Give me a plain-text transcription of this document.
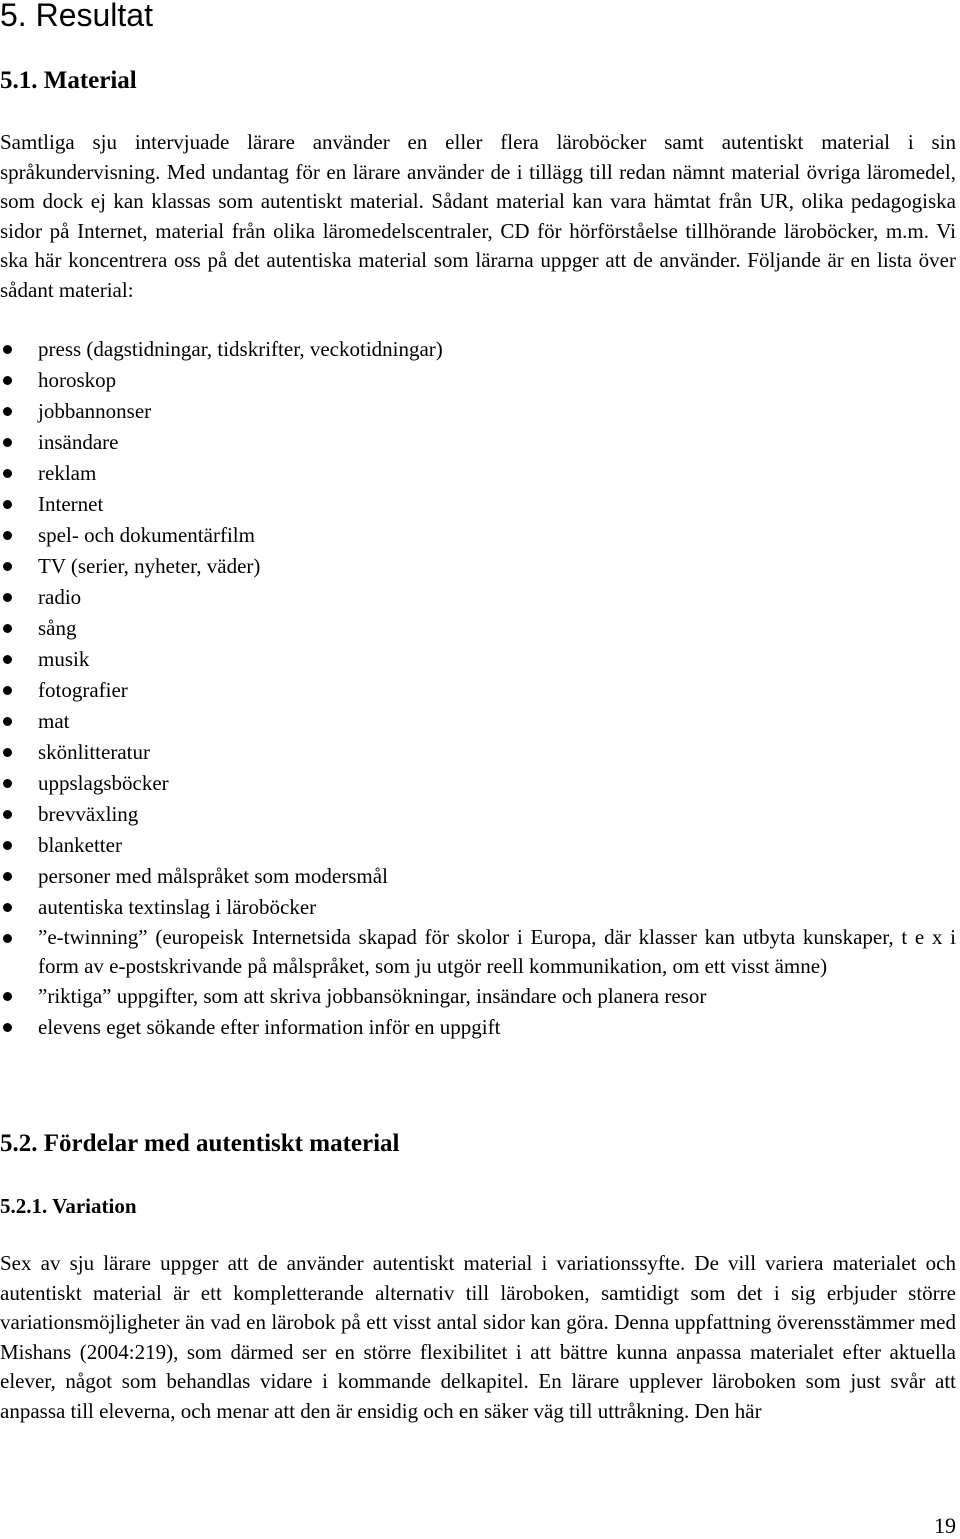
5. Resultat
5.1. Material
Samtliga sju intervjuade lärare använder en eller flera läroböcker samt autentiskt material i sin språkundervisning. Med undantag för en lärare använder de i tillägg till redan nämnt material övriga läromedel, som dock ej kan klassas som autentiskt material. Sådant material kan vara hämtat från UR, olika pedagogiska sidor på Internet, material från olika läromedelscentraler, CD för hörförståelse tillhörande läroböcker, m.m. Vi ska här koncentrera oss på det autentiska material som lärarna uppger att de använder. Följande är en lista över sådant material:
press (dagstidningar, tidskrifter, veckotidningar)
horoskop
jobbannonser
insändare
reklam
Internet
spel- och dokumentärfilm
TV (serier, nyheter, väder)
radio
sång
musik
fotografier
mat
skönlitteratur
uppslagsböcker
brevväxling
blanketter
personer med målspråket som modersmål
autentiska textinslag i läroböcker
”e-twinning” (europeisk Internetsida skapad för skolor i Europa, där klasser kan utbyta kunskaper, t e x i form av e-postskrivande på målspråket, som ju utgör reell kommunikation, om ett visst ämne)
”riktiga” uppgifter, som att skriva jobbansökningar, insändare och planera resor
elevens eget sökande efter information inför en uppgift
5.2. Fördelar med autentiskt material
5.2.1. Variation
Sex av sju lärare uppger att de använder autentiskt material i variationssyfte. De vill variera materialet och autentiskt material är ett kompletterande alternativ till läroboken, samtidigt som det i sig erbjuder större variationsmöjligheter än vad en lärobok på ett visst antal sidor kan göra. Denna uppfattning överensstämmer med Mishans (2004:219), som därmed ser en större flexibilitet i att bättre kunna anpassa materialet efter aktuella elever, något som behandlas vidare i kommande delkapitel. En lärare upplever läroboken som just svår att anpassa till eleverna, och menar att den är ensidig och en säker väg till uttråkning. Den här
19
